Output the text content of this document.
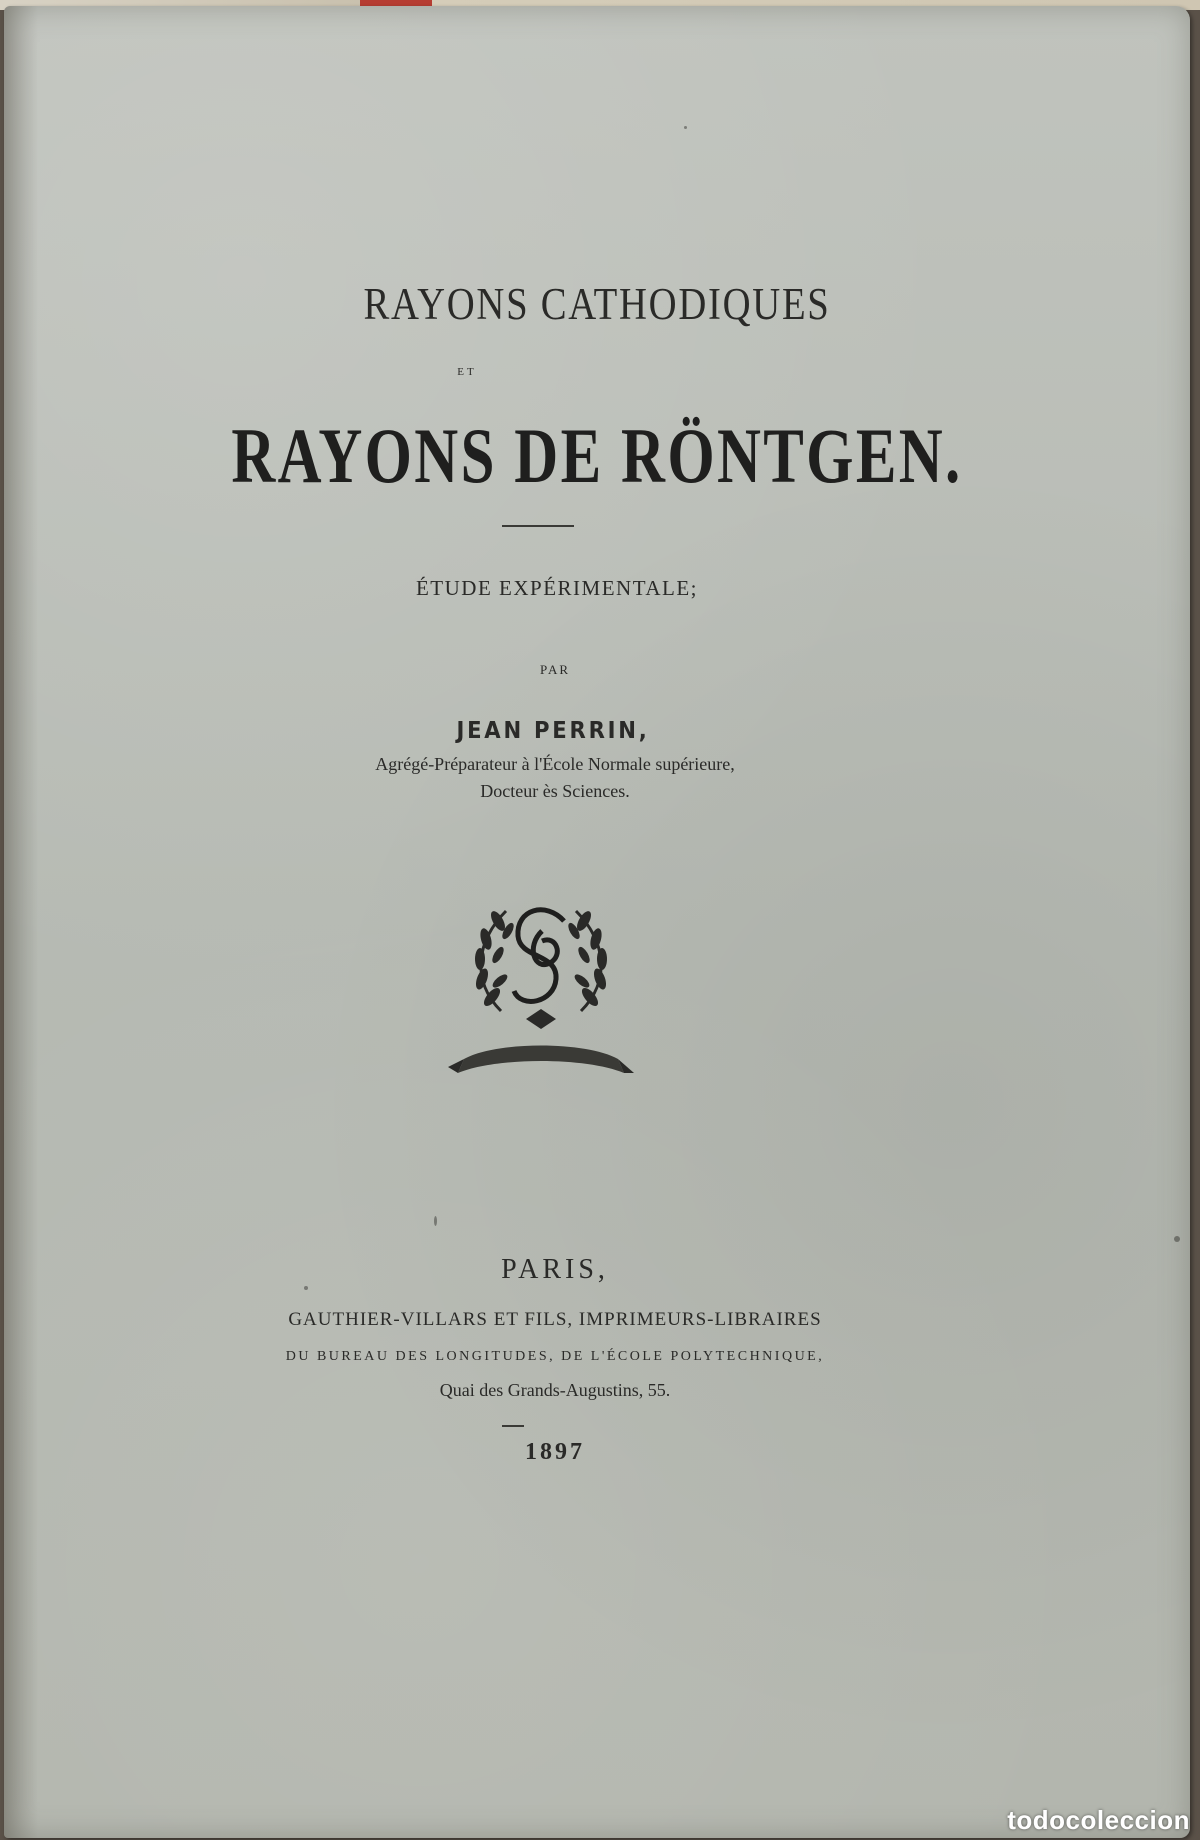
RAYONS CATHODIQUES
ET
RAYONS DE RÖNTGEN.
ÉTUDE EXPÉRIMENTALE;
PAR
JEAN PERRIN,
Agrégé-Préparateur à l'École Normale supérieure,
Docteur ès Sciences.
PARIS,
GAUTHIER-VILLARS ET FILS, IMPRIMEURS-LIBRAIRES
DU BUREAU DES LONGITUDES, DE L'ÉCOLE POLYTECHNIQUE,
Quai des Grands-Augustins, 55.
1897
todocoleccion
